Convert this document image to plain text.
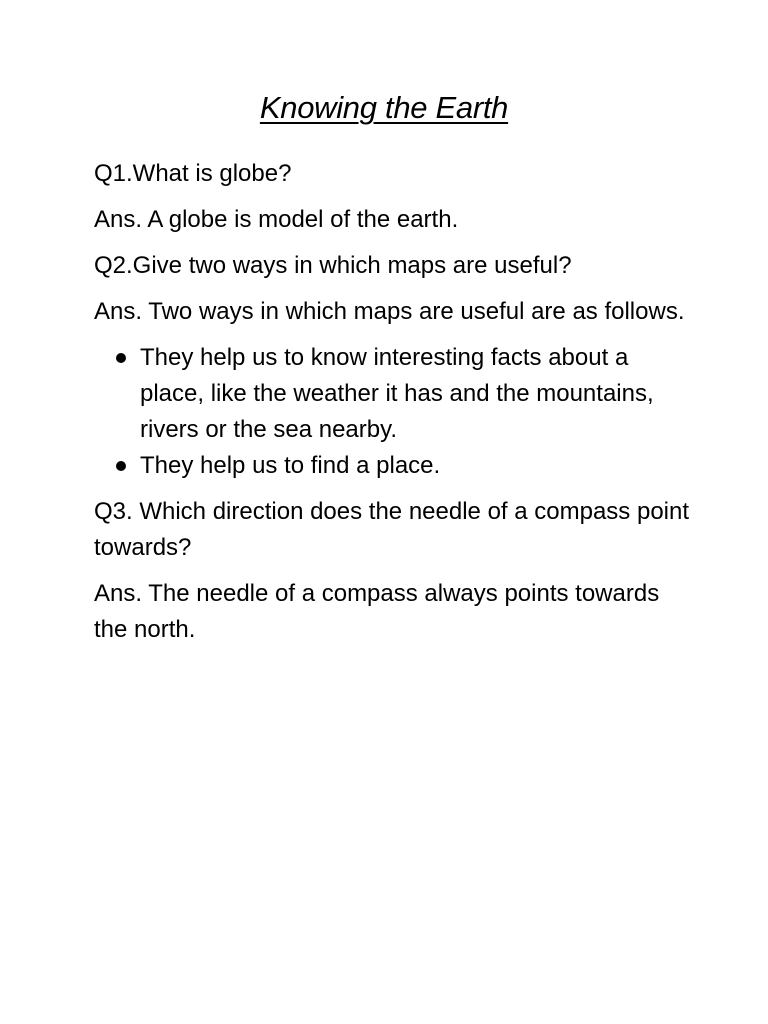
Knowing the Earth

Q1.What is globe?

Ans. A globe is model of the earth.

Q2.Give two ways in which maps are useful?

Ans. Two ways in which maps are useful are as follows.

They help us to know interesting facts about a place, like the weather it has and the mountains, rivers or the sea nearby.
They help us to find a place.

Q3. Which direction does the needle of a compass point towards?

Ans. The needle of a compass always points towards the north.
